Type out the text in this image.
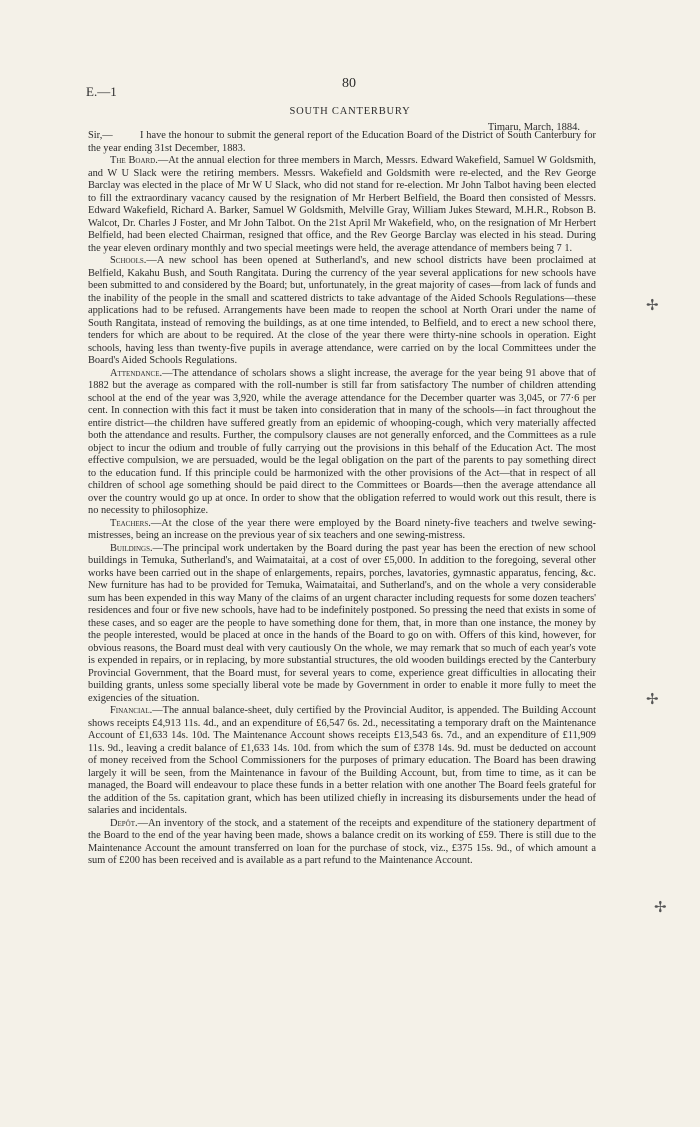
E.—1
80
SOUTH CANTERBURY
Timaru, March, 1884.

Sir,—	I have the honour to submit the general report of the Education Board of the District of South Canterbury for the year ending 31st December, 1883.

The Board.—At the annual election for three members in March, Messrs. Edward Wakefield, Samuel W Goldsmith, and W U Slack were the retiring members. Messrs. Wakefield and Goldsmith were re-elected, and the Rev George Barclay was elected in the place of Mr W U Slack, who did not stand for re-election. Mr John Talbot having been elected to fill the extraordinary vacancy caused by the resignation of Mr Herbert Belfield, the Board then consisted of Messrs. Edward Wakefield, Richard A. Barker, Samuel W Goldsmith, Melville Gray, William Jukes Steward, M.H.R., Robson B. Walcot, Dr. Charles J Foster, and Mr John Talbot. On the 21st April Mr Wakefield, who, on the resignation of Mr Herbert Belfield, had been elected Chairman, resigned that office, and the Rev George Barclay was elected in his stead. During the year eleven ordinary monthly and two special meetings were held, the average attendance of members being 7 1.

Schools.—A new school has been opened at Sutherland's, and new school districts have been proclaimed at Belfield, Kakahu Bush, and South Rangitata. During the currency of the year several applications for new schools have been submitted to and considered by the Board; but, unfortunately, in the great majority of cases—from lack of funds and the inability of the people in the small and scattered districts to take advantage of the Aided Schools Regulations—these applications had to be refused. Arrangements have been made to reopen the school at North Orari under the name of South Rangitata, instead of removing the buildings, as at one time intended, to Belfield, and to erect a new school there, tenders for which are about to be required. At the close of the year there were thirty-nine schools in operation. Eight schools, having less than twenty-five pupils in average attendance, were carried on by the local Committees under the Board's Aided Schools Regulations.

Attendance.—The attendance of scholars shows a slight increase, the average for the year being 91 above that of 1882 but the average as compared with the roll-number is still far from satisfactory The number of children attending school at the end of the year was 3,920, while the average attendance for the December quarter was 3,045, or 77·6 per cent. In connection with this fact it must be taken into consideration that in many of the schools—in fact throughout the entire district—the children have suffered greatly from an epidemic of whooping-cough, which very materially affected both the attendance and results. Further, the compulsory clauses are not generally enforced, and the Committees as a rule object to incur the odium and trouble of fully carrying out the provisions in this behalf of the Education Act. The most effective compulsion, we are persuaded, would be the legal obligation on the part of the parents to pay something direct to the education fund. If this principle could be harmonized with the other provisions of the Act—that in respect of all children of school age something should be paid direct to the Committees or Boards—then the average attendance all over the country would go up at once. In order to show that the obligation referred to would work out this result, there is no necessity to philosophize.

Teachers.—At the close of the year there were employed by the Board ninety-five teachers and twelve sewing-mistresses, being an increase on the previous year of six teachers and one sewing-mistress.

Buildings.—The principal work undertaken by the Board during the past year has been the erection of new school buildings in Temuka, Sutherland's, and Waimataitai, at a cost of over £5,000. In addition to the foregoing, several other works have been carried out in the shape of enlargements, repairs, porches, lavatories, gymnastic apparatus, fencing, &c. New furniture has had to be provided for Temuka, Waimataitai, and Sutherland's, and on the whole a very considerable sum has been expended in this way Many of the claims of an urgent character including requests for some dozen teachers' residences and four or five new schools, have had to be indefinitely postponed. So pressing the need that exists in some of these cases, and so eager are the people to have something done for them, that, in more than one instance, the money by the people interested, would be placed at once in the hands of the Board to go on with. Offers of this kind, however, for obvious reasons, the Board must deal with very cautiously On the whole, we may remark that so much of each year's vote is expended in repairs, or in replacing, by more substantial structures, the old wooden buildings erected by the Canterbury Provincial Government, that the Board must, for several years to come, experience great difficulties in allocating their building grants, unless some specially liberal vote be made by Government in order to enable it more fully to meet the exigencies of the situation.

Financial.—The annual balance-sheet, duly certified by the Provincial Auditor, is appended. The Building Account shows receipts £4,913 11s. 4d., and an expenditure of £6,547 6s. 2d., necessitating a temporary draft on the Maintenance Account of £1,633 14s. 10d. The Maintenance Account shows receipts £13,543 6s. 7d., and an expenditure of £11,909 11s. 9d., leaving a credit balance of £1,633 14s. 10d. from which the sum of £378 14s. 9d. must be deducted on account of money received from the School Commissioners for the purposes of primary education. The Board has been drawing largely it will be seen, from the Maintenance in favour of the Building Account, but, from time to time, as it can be managed, the Board will endeavour to place these funds in a better relation with one another The Board feels grateful for the addition of the 5s. capitation grant, which has been utilized chiefly in increasing its disbursements under the head of salaries and incidentals.

Depôt.—An inventory of the stock, and a statement of the receipts and expenditure of the stationery department of the Board to the end of the year having been made, shows a balance credit on its working of £59. There is still due to the Maintenance Account the amount transferred on loan for the purchase of stock, viz., £375 15s. 9d., of which amount a sum of £200 has been received and is available as a part refund to the Maintenance Account.

✢
✢
✢
